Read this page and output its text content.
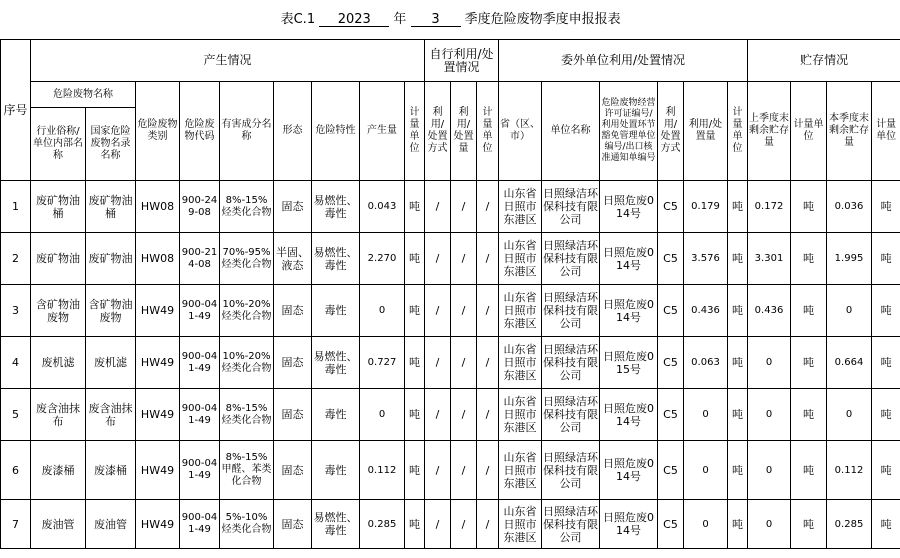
表C.1 2023 年 3 季度危险废物季度申报报表																						
序号	产生情况									自行利用/处置情况			委外单位利用/处置情况						贮存情况			
	危险废物名称		危险废物类别	危险废物代码	有害成分名称	形态	危险特性	产生量	计量单位	利用/处置方式	利用/处置量	计量单位	省（区、市）	单位名称	危险废物经营许可证编号/利用处置环节豁免管理单位编号/出口核准通知单编号	利用/处置方式	利用/处置量	计量单位	上季度末剩余贮存量	计量单位	本季度末剩余贮存量	计量单位
	行业俗称/单位内部名称	国家危险废物名录名称																				
1	废矿物油桶	废矿物油桶	HW08	900-249-08	8%-15%烃类化合物	固态	易燃性、毒性	0.043	吨	/	/	/	山东省日照市东港区	日照绿洁环保科技有限公司	日照危废014号	C5	0.179	吨	0.172	吨	0.036	吨
2	废矿物油	废矿物油	HW08	900-214-08	70%-95%烃类化合物	半固、液态	易燃性、毒性	2.270	吨	/	/	/	山东省日照市东港区	日照绿洁环保科技有限公司	日照危废014号	C5	3.576	吨	3.301	吨	1.995	吨
3	含矿物油废物	含矿物油废物	HW49	900-041-49	10%-20%烃类化合物	固态	毒性	0	吨	/	/	/	山东省日照市东港区	日照绿洁环保科技有限公司	日照危废014号	C5	0.436	吨	0.436	吨	0	吨
4	废机滤	废机滤	HW49	900-041-49	10%-20%烃类化合物	固态	易燃性、毒性	0.727	吨	/	/	/	山东省日照市东港区	日照绿洁环保科技有限公司	日照危废015号	C5	0.063	吨	0	吨	0.664	吨
5	废含油抹布	废含油抹布	HW49	900-041-49	8%-15%烃类化合物	固态	毒性	0	吨	/	/	/	山东省日照市东港区	日照绿洁环保科技有限公司	日照危废014号	C5	0	吨	0	吨	0	吨
6	废漆桶	废漆桶	HW49	900-041-49	8%-15%甲醛、苯类化合物	固态	毒性	0.112	吨	/	/	/	山东省日照市东港区	日照绿洁环保科技有限公司	日照危废014号	C5	0	吨	0	吨	0.112	吨
7	废油管	废油管	HW49	900-041-49	5%-10%烃类化合物	固态	易燃性、毒性	0.285	吨	/	/	/	山东省日照市东港区	日照绿洁环保科技有限公司	日照危废014号	C5	0	吨	0	吨	0.285	吨
